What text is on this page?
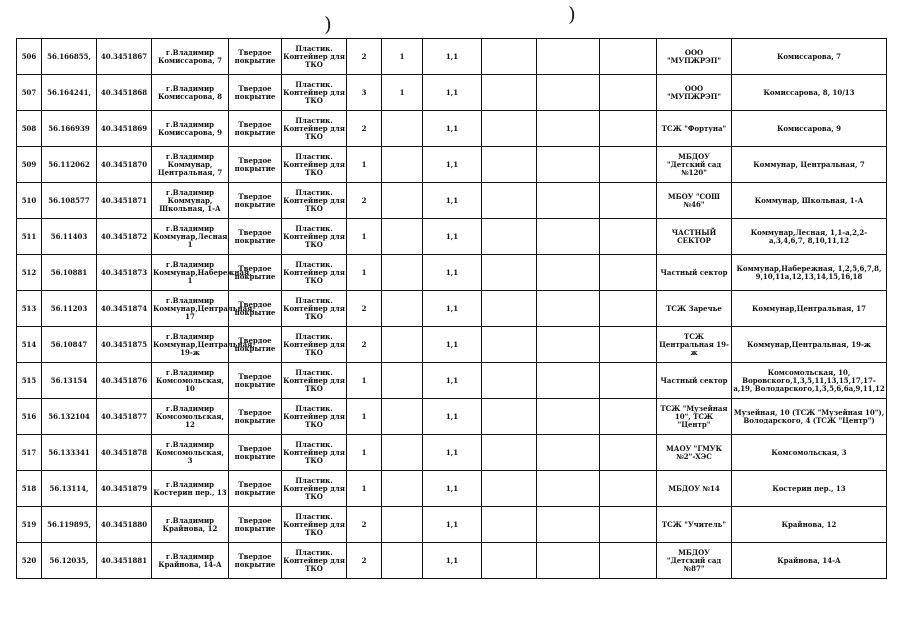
)	)
506	56.166855,	40.3451867	г.Владимир Комиссарова, 7	Твердое покрытие	Пластик. Контейнер для ТКО	2	1	1,1				ООО "МУПЖРЭП"	Комиссарова, 7
507	56.164241,	40.3451868	г.Владимир Комиссарова, 8	Твердое покрытие	Пластик. Контейнер для ТКО	3	1	1,1				ООО "МУПЖРЭП"	Комиссарова, 8, 10/13
508	56.166939	40.3451869	г.Владимир Комиссарова, 9	Твердое покрытие	Пластик. Контейнер для ТКО	2		1,1				ТСЖ "Фортуна"	Комиссарова, 9
509	56.112062	40.3451870	г.Владимир Коммунар, Центральная, 7	Твердое покрытие	Пластик. Контейнер для ТКО	1		1,1				МБДОУ "Детский сад №120"	Коммунар, Центральная, 7
510	56.108577	40.3451871	г.Владимир Коммунар, Школьная, 1-А	Твердое покрытие	Пластик. Контейнер для ТКО	2		1,1				МБОУ "СОШ №46"	Коммунар, Школьная, 1-А
511	56.11403	40.3451872	г.Владимир Коммунар,Лесная, 1	Твердое покрытие	Пластик. Контейнер для ТКО	1		1,1				ЧАСТНЫЙ СЕКТОР	Коммунар,Лесная, 1,1-а,2,2-а,3,4,6,7, 8,10,11,12
512	56.10881	40.3451873	г.Владимир Коммунар,Набережная, 1	Твердое покрытие	Пластик. Контейнер для ТКО	1		1,1				Частный сектор	Коммунар,Набережная, 1,2,5,6,7,8, 9,10,11а,12,13,14,15,16,18
513	56.11203	40.3451874	г.Владимир Коммунар,Центральная, 17	Твердое покрытие	Пластик. Контейнер для ТКО	2		1,1				ТСЖ Заречье	Коммунар,Центральная, 17
514	56.10847	40.3451875	г.Владимир Коммунар,Центральная, 19-ж	Твердое покрытие	Пластик. Контейнер для ТКО	2		1,1				ТСЖ Центральная 19-ж	Коммунар,Центральная, 19-ж
515	56.13154	40.3451876	г.Владимир Комсомольская, 10	Твердое покрытие	Пластик. Контейнер для ТКО	1		1,1				Частный сектор	Комсомольская, 10, Воровского,1,3,5,11,13,15,17,17-а,19, Володарского,1,3,5,6,6а,9,11,12
516	56.132104	40.3451877	г.Владимир Комсомольская, 12	Твердое покрытие	Пластик. Контейнер для ТКО	1		1,1				ТСЖ "Музейная 10", ТСЖ "Центр"	Музейная, 10 (ТСЖ "Музейная 10"), Володарского, 4 (ТСЖ "Центр")
517	56.133341	40.3451878	г.Владимир Комсомольская, 3	Твердое покрытие	Пластик. Контейнер для ТКО	1		1,1				МАОУ "ГМУК №2"-ХЭС	Комсомольская, 3
518	56.13114,	40.3451879	г.Владимир Костерин пер., 13	Твердое покрытие	Пластик. Контейнер для ТКО	1		1,1				МБДОУ №14	Костерин пер., 13
519	56.119895,	40.3451880	г.Владимир Крайнова, 12	Твердое покрытие	Пластик. Контейнер для ТКО	2		1,1				ТСЖ "Учитель"	Крайнова, 12
520	56.12035,	40.3451881	г.Владимир Крайнова, 14-А	Твердое покрытие	Пластик. Контейнер для ТКО	2		1,1				МБДОУ "Детский сад №87"	Крайнова, 14-А
